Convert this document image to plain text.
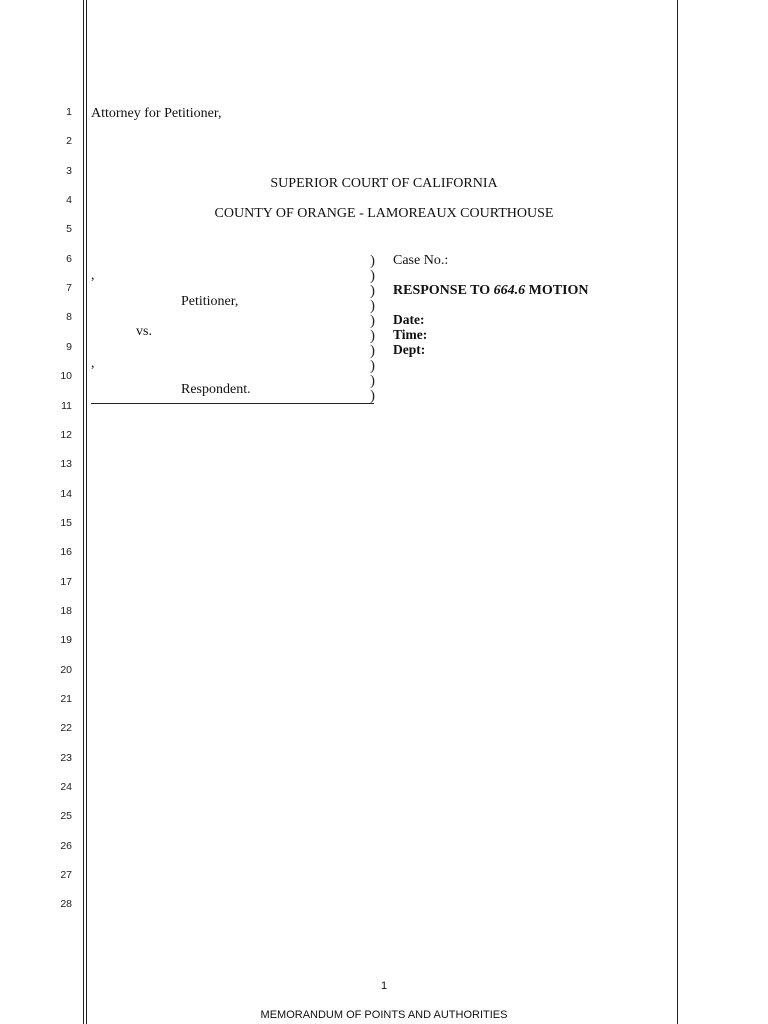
1
2
3
4
5
6
7
8
9
10
11
12
13
14
15
16
17
18
19
20
21
22
23
24
25
26
27
28
Attorney for Petitioner,
SUPERIOR COURT OF CALIFORNIA
COUNTY OF ORANGE - LAMOREAUX COURTHOUSE
,
Petitioner,
vs.
,
Respondent.
)
)
)
)
)
)
)
)
)
)
Case No.:
RESPONSE TO 664.6 MOTION
Date:
Time:
Dept:
1
MEMORANDUM OF POINTS AND AUTHORITIES
